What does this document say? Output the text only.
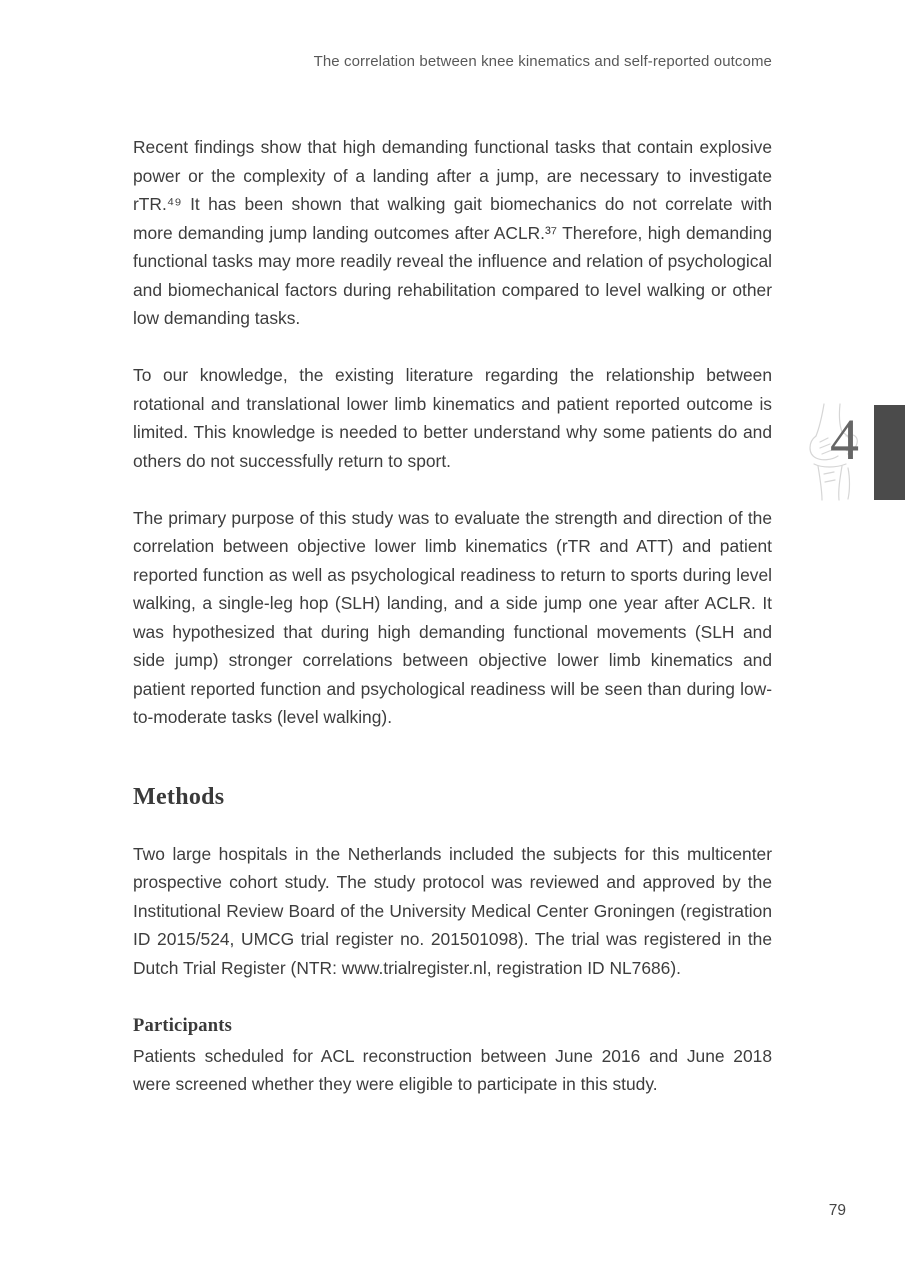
The correlation between knee kinematics and self-reported outcome

Recent findings show that high demanding functional tasks that contain explosive power or the complexity of a landing after a jump, are necessary to investigate rTR.⁴⁹ It has been shown that walking gait biomechanics do not correlate with more demanding jump landing outcomes after ACLR.³⁷ Therefore, high demanding functional tasks may more readily reveal the influence and relation of psychological and biomechanical factors during rehabilitation compared to level walking or other low demanding tasks.

To our knowledge, the existing literature regarding the relationship between rotational and translational lower limb kinematics and patient reported outcome is limited. This knowledge is needed to better understand why some patients do and others do not successfully return to sport.

The primary purpose of this study was to evaluate the strength and direction of the correlation between objective lower limb kinematics (rTR and ATT) and patient reported function as well as psychological readiness to return to sports during level walking, a single-leg hop (SLH) landing, and a side jump one year after ACLR. It was hypothesized that during high demanding functional movements (SLH and side jump) stronger correlations between objective lower limb kinematics and patient reported function and psychological readiness will be seen than during low-to-moderate tasks (level walking).

Methods

Two large hospitals in the Netherlands included the subjects for this multicenter prospective cohort study. The study protocol was reviewed and approved by the Institutional Review Board of the University Medical Center Groningen (registration ID 2015/524, UMCG trial register no. 201501098). The trial was registered in the Dutch Trial Register (NTR: www.trialregister.nl, registration ID NL7686).

Participants

Patients scheduled for ACL reconstruction between June 2016 and June 2018 were screened whether they were eligible to participate in this study.

4
79
